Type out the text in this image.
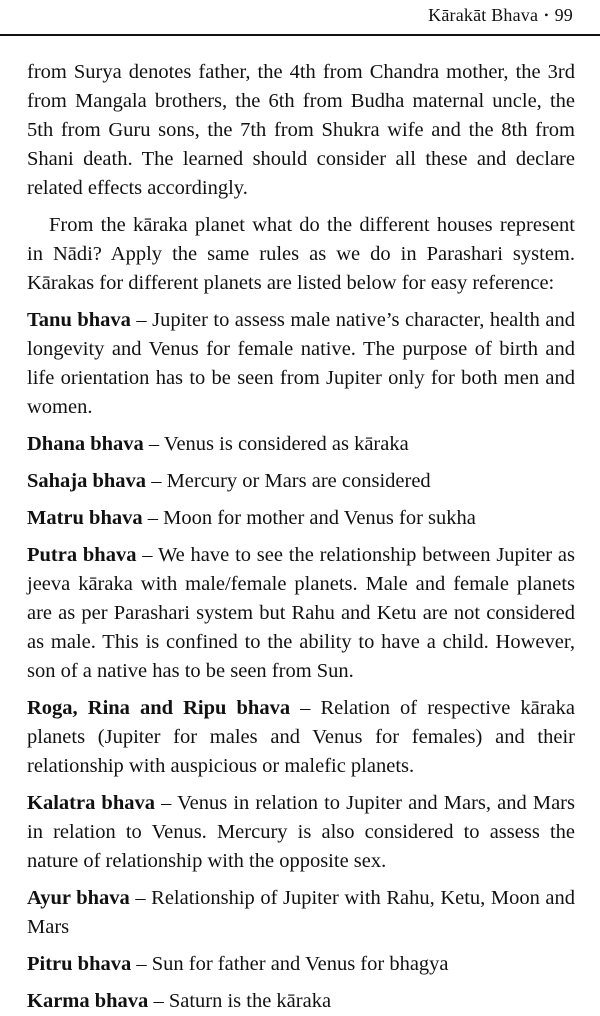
Kārakāt Bhava • 99

from Surya denotes father, the 4th from Chandra mother, the 3rd from Mangala brothers, the 6th from Budha maternal uncle, the 5th from Guru sons, the 7th from Shukra wife and the 8th from Shani death. The learned should consider all these and declare related effects accordingly.

From the kāraka planet what do the different houses represent in Nādi? Apply the same rules as we do in Parashari system. Kārakas for different planets are listed below for easy reference:

Tanu bhava – Jupiter to assess male native’s character, health and longevity and Venus for female native. The purpose of birth and life orientation has to be seen from Jupiter only for both men and women.

Dhana bhava – Venus is considered as kāraka

Sahaja bhava – Mercury or Mars are considered

Matru bhava – Moon for mother and Venus for sukha

Putra bhava – We have to see the relationship between Jupiter as jeeva kāraka with male/female planets. Male and female planets are as per Parashari system but Rahu and Ketu are not considered as male. This is confined to the ability to have a child. However, son of a native has to be seen from Sun.

Roga, Rina and Ripu bhava – Relation of respective kāraka planets (Jupiter for males and Venus for females) and their relationship with auspicious or malefic planets.

Kalatra bhava – Venus in relation to Jupiter and Mars, and Mars in relation to Venus. Mercury is also considered to assess the nature of relationship with the opposite sex.

Ayur bhava – Relationship of Jupiter with Rahu, Ketu, Moon and Mars

Pitru bhava – Sun for father and Venus for bhagya

Karma bhava – Saturn is the kāraka
